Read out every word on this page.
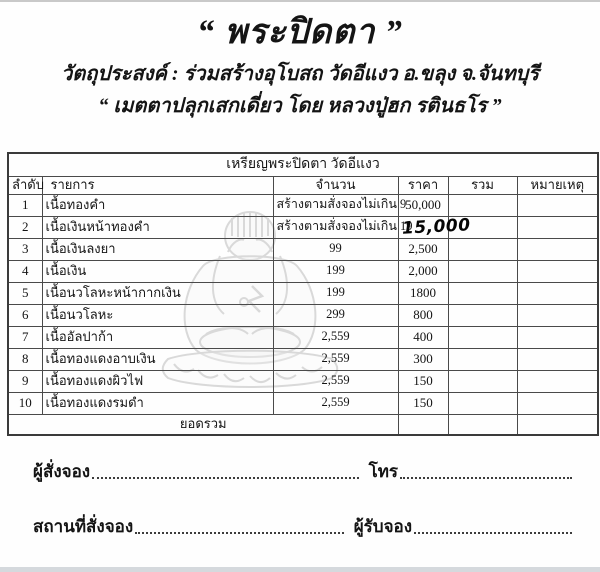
“ พระปิดตา ”
วัตถุประสงค์ : ร่วมสร้างอุโบสถ วัดอีแงว อ.ขลุง จ.จันทบุรี
“ เมตตาปลุกเสกเดี่ยว โดย หลวงปู่ฮก รตินธโร ”
เหรียญพระปิดตา วัดอีแงว					
ลำดับ	รายการ	จำนวน	ราคา	รวม	หมายเหตุ
1	เนื้อทองคำ	สร้างตามสั่งจองไม่เกิน 9	50,000		
2	เนื้อเงินหน้าทองคำ	สร้างตามสั่งจองไม่เกิน 19	15,000		
3	เนื้อเงินลงยา	99	2,500		
4	เนื้อเงิน	199	2,000		
5	เนื้อนวโลหะหน้ากากเงิน	199	1800		
6	เนื้อนวโลหะ	299	800		
7	เนื้ออัลปาก้า	2,559	400		
8	เนื้อทองแดงอาบเงิน	2,559	300		
9	เนื้อทองแดงผิวไฟ	2,559	150		
10	เนื้อทองแดงรมดำ	2,559	150		
ยอดรวม					
ผู้สั่งจอง	โทร
สถานที่สั่งจอง	ผู้รับจอง
